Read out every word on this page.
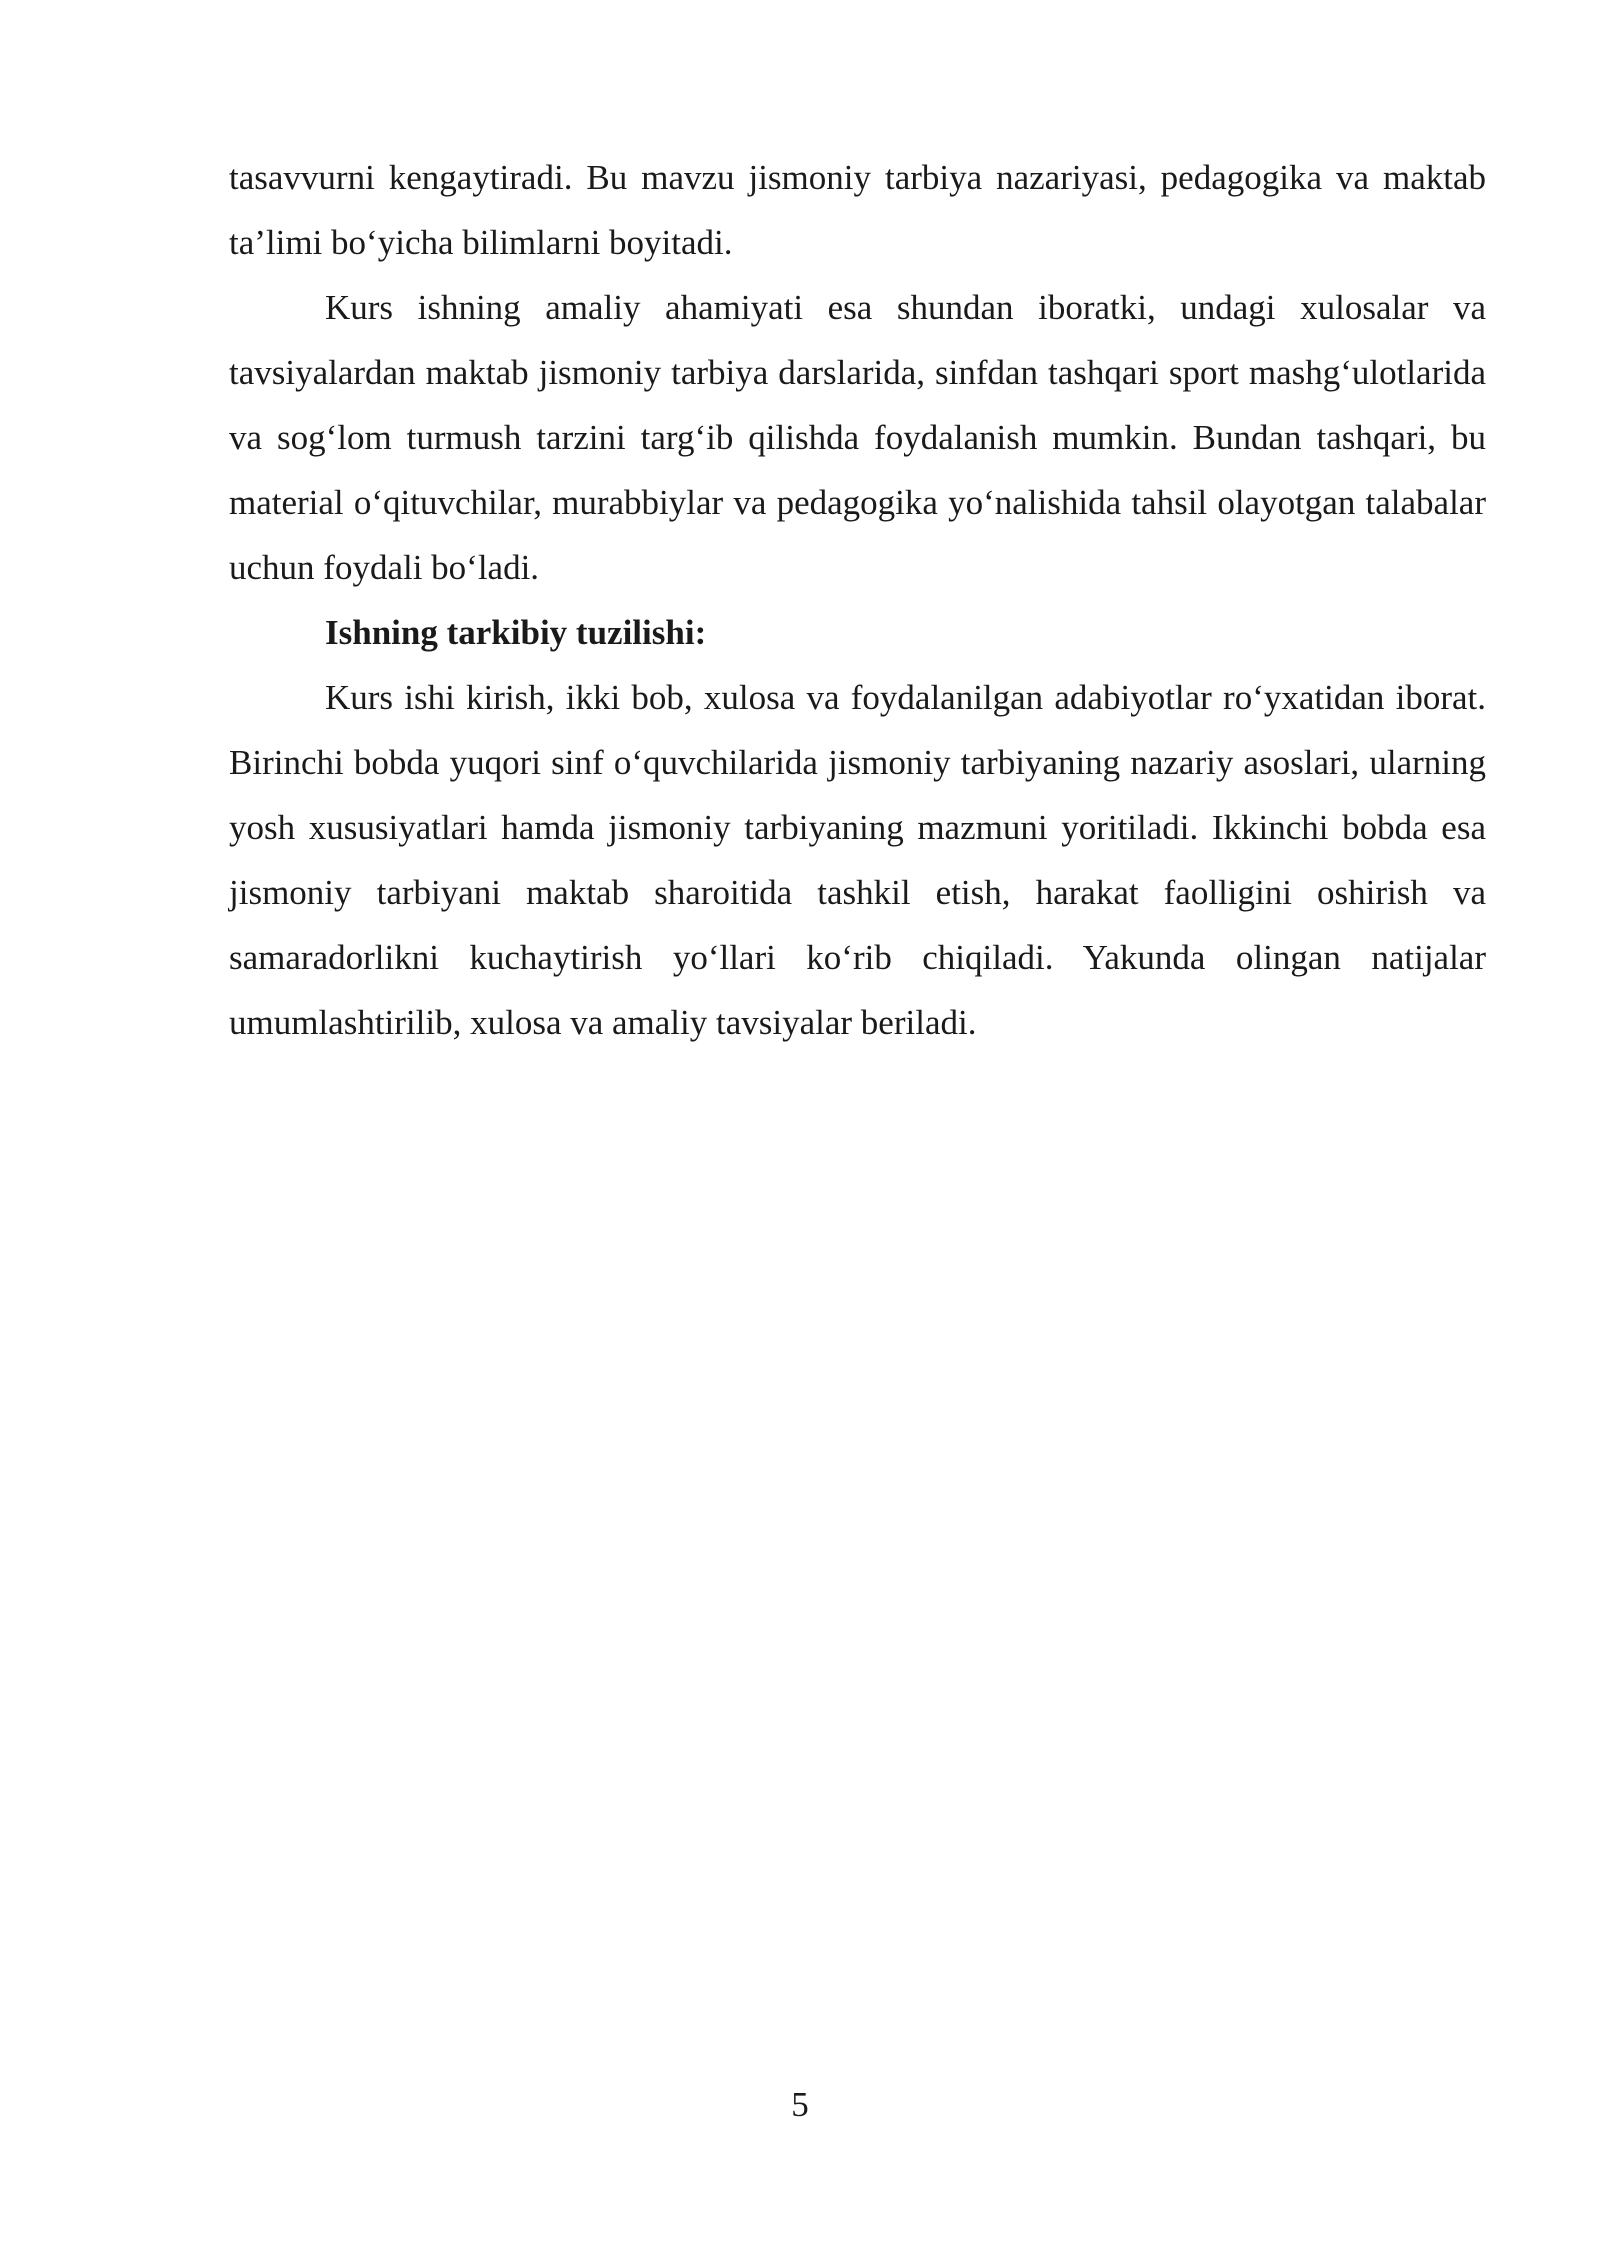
tasavvurni kengaytiradi. Bu mavzu jismoniy tarbiya nazariyasi, pedagogika va maktab ta’limi bo‘yicha bilimlarni boyitadi.

Kurs ishning amaliy ahamiyati esa shundan iboratki, undagi xulosalar va tavsiyalardan maktab jismoniy tarbiya darslarida, sinfdan tashqari sport mashg‘ulotlarida va sog‘lom turmush tarzini targ‘ib qilishda foydalanish mumkin. Bundan tashqari, bu material o‘qituvchilar, murabbiylar va pedagogika yo‘nalishida tahsil olayotgan talabalar uchun foydali bo‘ladi.

Ishning tarkibiy tuzilishi:

Kurs ishi kirish, ikki bob, xulosa va foydalanilgan adabiyotlar ro‘yxatidan iborat. Birinchi bobda yuqori sinf o‘quvchilarida jismoniy tarbiyaning nazariy asoslari, ularning yosh xususiyatlari hamda jismoniy tarbiyaning mazmuni yoritiladi. Ikkinchi bobda esa jismoniy tarbiyani maktab sharoitida tashkil etish, harakat faolligini oshirish va samaradorlikni kuchaytirish yo‘llari ko‘rib chiqiladi. Yakunda olingan natijalar umumlashtirilib, xulosa va amaliy tavsiyalar beriladi.

5
